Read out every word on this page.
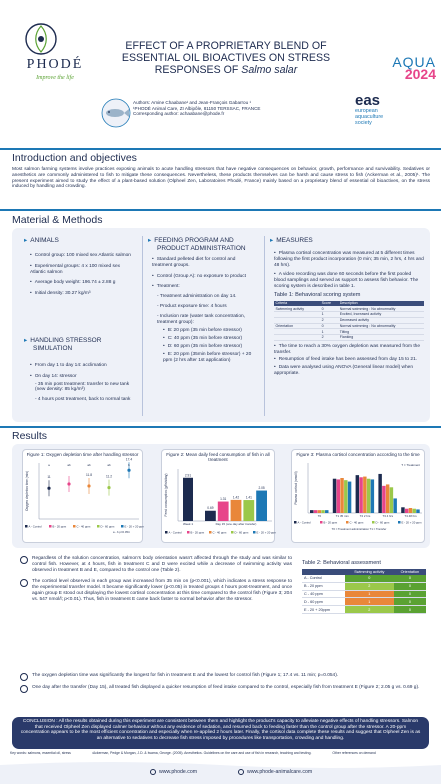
PHODÉ
Improve the life
EFFECT OF A PROPRIETARY BLEND OF
ESSENTIAL OIL BIOACTIVES ON STRESS
RESPONSES OF Salmo salar
Authors: Amine Chaabane¹ and Jean-François Gabarrou ¹
¹PHODÉ Animal Care, ZI Albipôle, 81150 TERSSAC, FRANCE
Corresponding author: achaabane@phode.fr
AQUA
2024
eas
european
aquaculture
society
Introduction and objectives
Most salmon farming systems involve practices exposing animals to acute handling stressors that have negative consequences on behavior, growth, performance and survivability. Sedatives or anesthetics are commonly administered to fish to mitigate these consequences. Nevertheless, these products themselves can be harsh and cause stress to fish (Ackerman et al., 2005)¹. The present experiment aimed to study the effect of a plant-based solution (Olpheel Zen, Laboratoires Phodé, France) mainly based on a proprietary blend of essential oil bioactives, on the stress induced by handling and crowding.
Material & Methods
▸ ANIMALS
• Control group: 100 mixed sex Atlantic salmon
• Experimental groups: 4 x 100 mixed sex Atlantic salmon
• Average body weight: 196.74 ± 2.88 g
• Initial density: 30.27 kg/m³
▸ HANDLING STRESSOR
SIMULATION
• From day 1 to day 14: acclimation
• On day 14: stressor
- 35 min post treatment: transfer to new tank (new density: 85 kg/m³)
- 4 hours post treatment, back to normal tank
▸ FEEDING PROGRAM AND
PRODUCT ADMINISTRATION
• Standard pelleted diet for control and treatment groups.
• Control (Group A): no exposure to product
• Treatment:
- Treatment administration on day 14.
- Product exposure time: 4 hours
- Inclusion rate (water tank concentration, treatment group):
• B: 20 ppm (35 min before stressor)
• C: 40 ppm (35 min before stressor)
• D: 60 ppm (35 min before stressor)
• E: 20 ppm (35min before stressor) + 20 ppm (2 hrs after 1st application)
▸ MEASURES
• Plasma cortisol concentration was measured at 5 different times following the first product incorporation (0 min; 35 min, 2 hrs, 4 hrs and 48 hrs).
• A video recording was done 60 seconds before the first pooled blood samplings and served as support to assess fish behavior. The scoring system is described in table 1.
Table 1: Behavioral scoring system
Criteria	Score	Description
Swimming activity	0	Normal swimming : No abnormality
	1	Excited, Increased activity
	2	Decreased activity
Orientation	0	Normal swimming : No abnormality
	1	Tilting
	2	Flanking
• The time to reach a 30% oxygen depletion was measured from the transfer.
• Resumption of feed intake has been assessed from day 15 to 21.
• Data were analysed using ANOVA (General linear model) when appropriate.
Results
Figure 1: Oxygen depletion time after handling stressor
Oxygen depletion time (min)	11
a	ab
11.8
ab
11.2
ab
17.4
b
A - Control	B - 20 ppm	C - 40 ppm	D - 60 ppm	E - 20 + 20 ppm
a - b p=0.054
Figure 2: Mean daily feed consumption of fish in all treatment
Feed consumption (g/fish/day)	2.91
Week 1
0.69
1.31 1.42 1.41
2.05
Day 15 (one day after transfer)
A - Control	B - 20 ppm	C - 40 ppm	D - 60 ppm	E - 20 + 20 ppm
Figure 3: Plasma cortisol concentration according to the time
Plasma cortisol (nmol/l)
T0	T1 35 min	T2 2 hrs	T3 4 hrs	T4 48 hrs
T = Treatment
A - Control	B - 20 ppm	C - 40 ppm	D - 60 ppm	E - 20 + 20 ppm
T0 = Treatment administration T1 = Transfer
Regardless of the solution concentration, salmon's body orientation wasn't affected through the study and was similar to control fish. However, at 4 hours, fish in treatment C and D were excited while a decrease of swimming activity was observed in treatment B and E, compared to the control one (Table 2).
The cortisol level observed in each group was increased from 35 min on (p<0.001), which indicates a stress response to the experimental transfer model. It became significantly lower (p<0.05) in treated groups 4 hours post-treatment, and once again group E stood out displaying the lowest cortisol concentration at this time compared to the control fish (Figure 3; 204 vs. 547 nmol/l; p<0.01). Thus, fish in treatment E came back faster to normal behavior after the stressor.
The oxygen depletion time was significantly the longest for fish in treatment E and the lowest for control fish (Figure 1; 17.4 vs. 11 min; p=0.054).
One day after the transfer (Day 15), all treated fish displayed a quicker resumption of feed intake compared to the control, especially fish from treatment E (Figure 2; 2.05 g vs. 0.69 g).
Table 2: Behavioral assessment
	Swimming activity	Orientation
A - Control	0	0
B - 20 ppm	2	0
C - 40 ppm	1	0
D - 60 ppm	1	0
E - 20 + 20ppm	2	0
CONCLUSION : All the results obtained during this experiment are consistent between them and highlight the product's capacity to alleviate negative effects of handling stressors. Salmon that received Olpheel Zen displayed calmer behaviour without any evidence of sedation, and resumed back to feeding faster than the control group after the stressor. A 20-ppm concentration appears to be the most efficient concentration and especially when re-applied 2 hours later. Finally, the cortisol data complete these results and suggest that Olpheel Zen is as an alternative to sedatives to decrease fish stress imposed by procedures like transportation, crowding and handling.
Key words: salmons, essential oil, stress	¹Ackerman, Pedge & Morgan, J.D. & Iwama, George. (2005). Anesthetics. Guidelines on the care and use of fish in research, teaching and testing.	Other references on demand
www.phode.com	www.phode-animalcare.com
